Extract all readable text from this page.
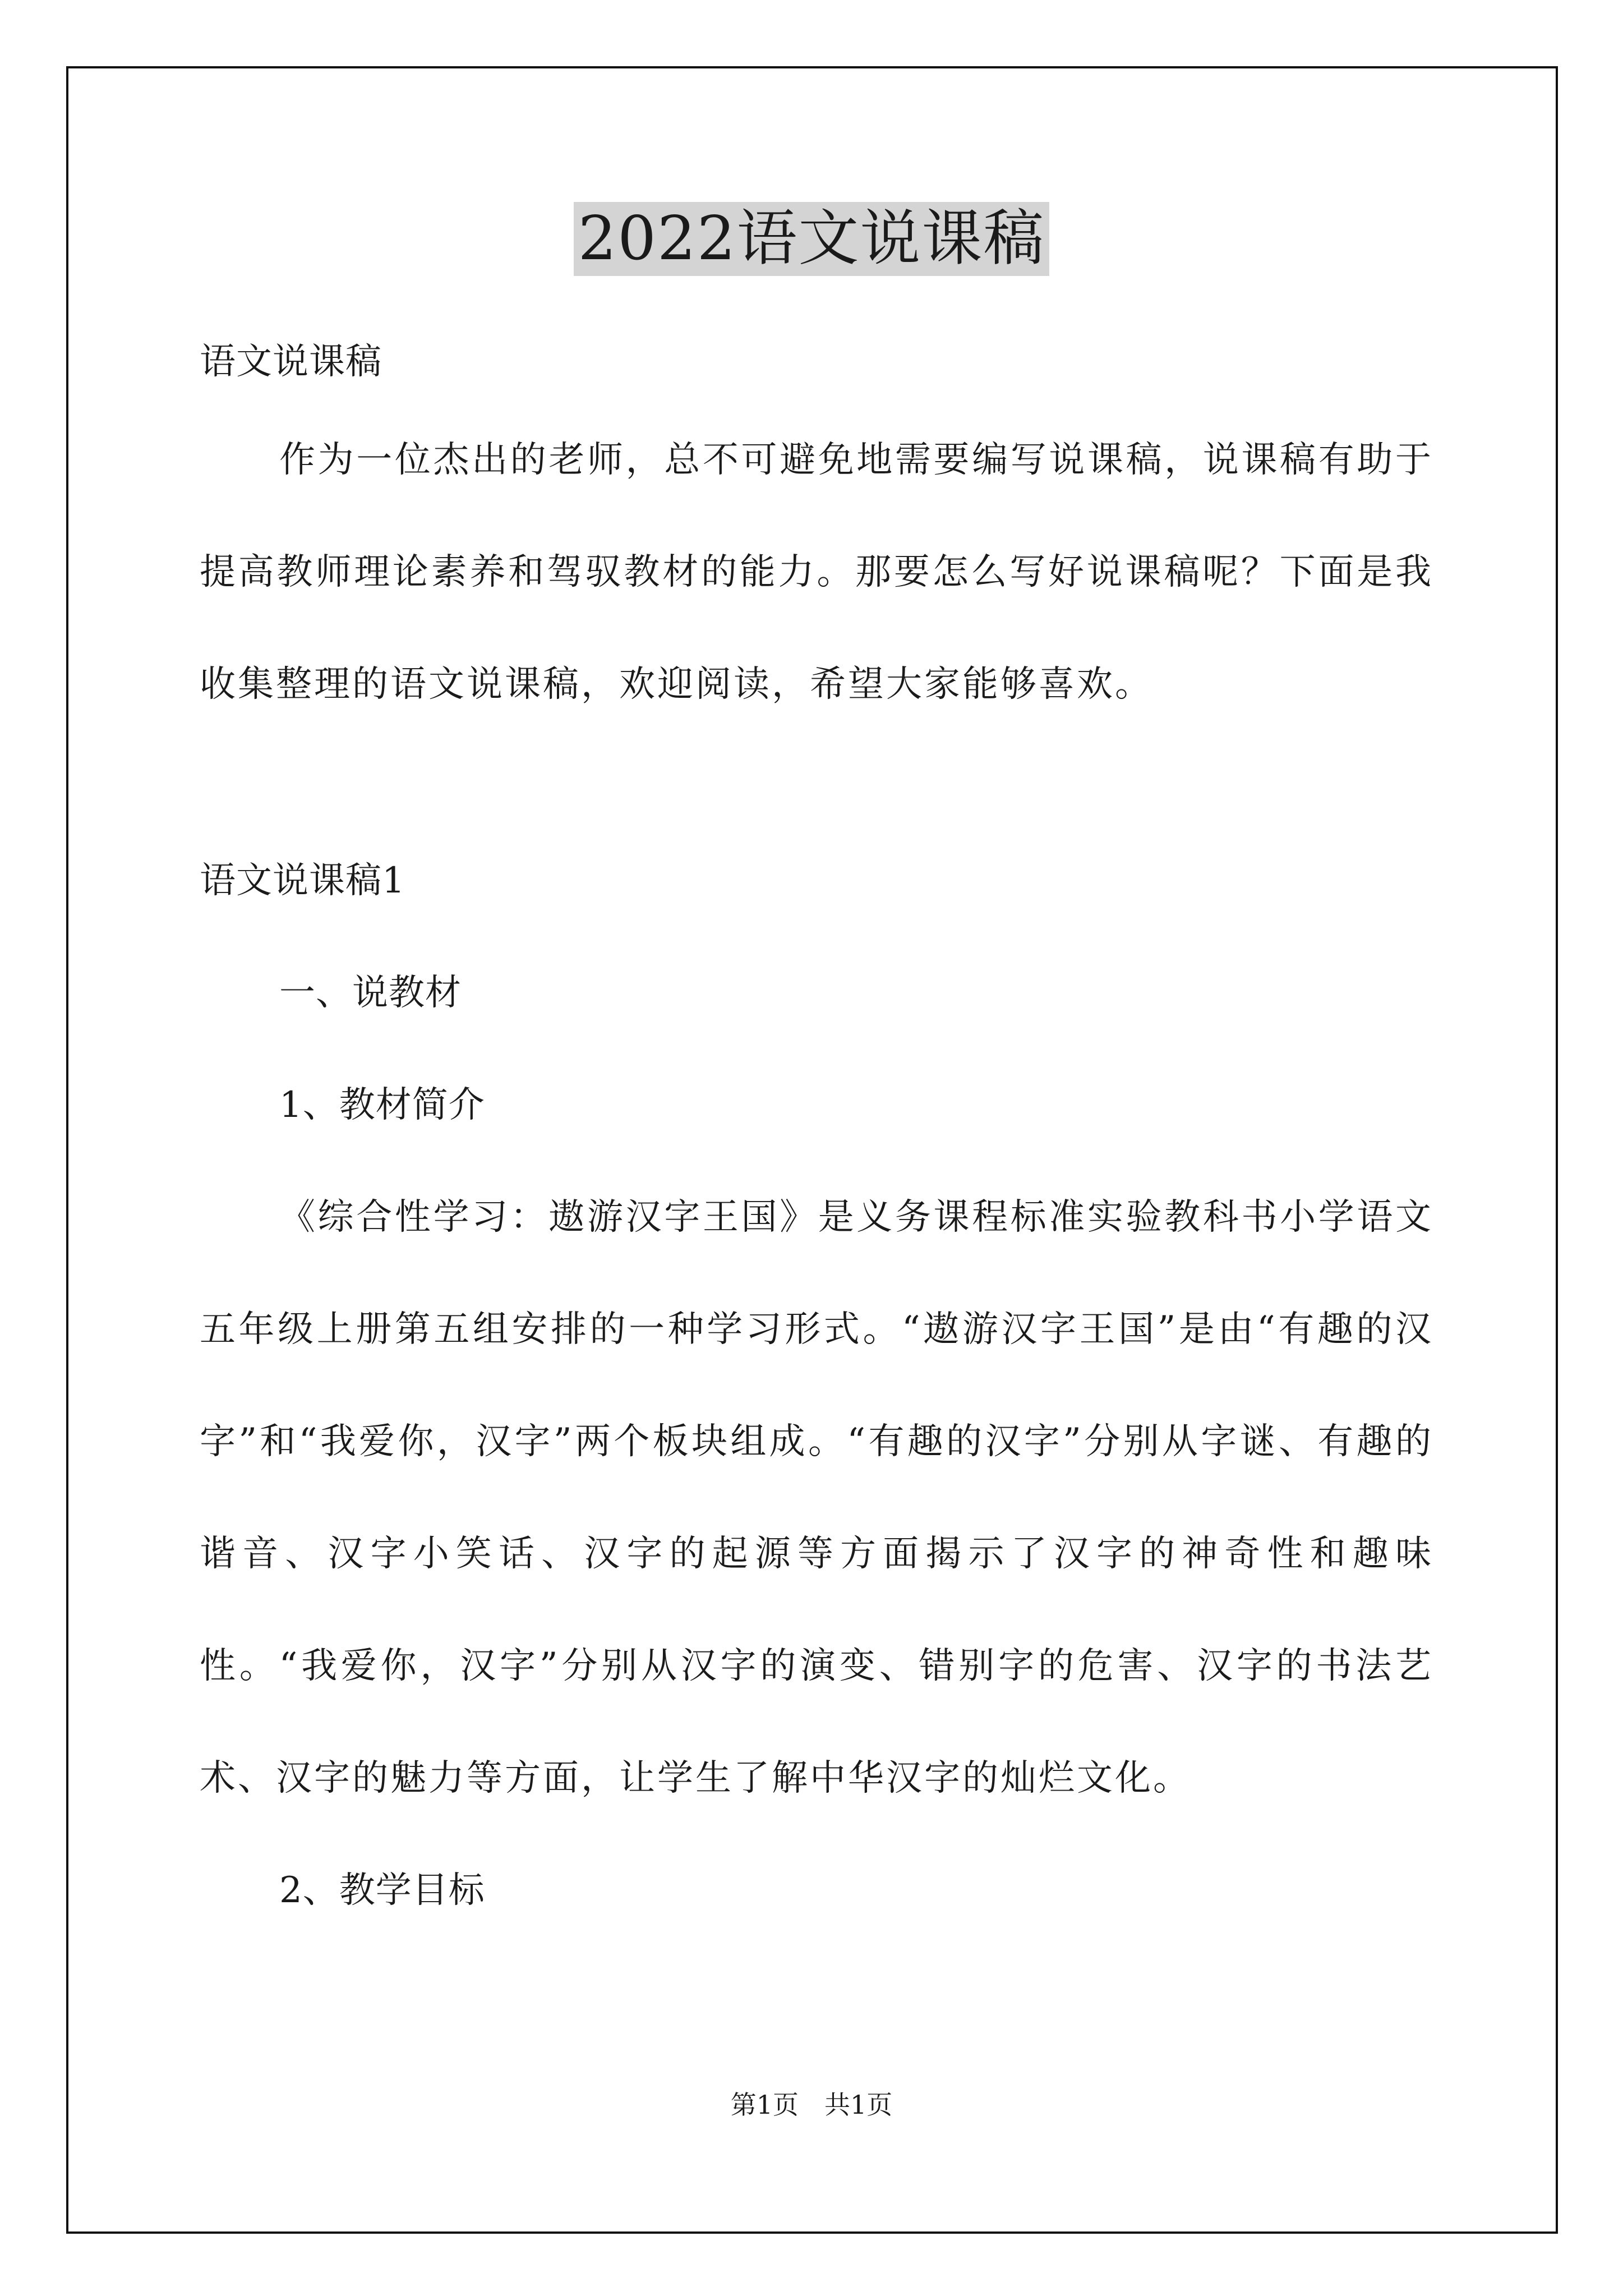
2022语文说课稿
语文说课稿
作为一位杰出的老师，总不可避免地需要编写说课稿，说课稿有助于提高教师理论素养和驾驭教材的能力。那要怎么写好说课稿呢？下面是我收集整理的语文说课稿，欢迎阅读，希望大家能够喜欢。
语文说课稿1
一、说教材
1、教材简介
《综合性学习：遨游汉字王国》是义务课程标准实验教科书小学语文五年级上册第五组安排的一种学习形式。“遨游汉字王国”是由“有趣的汉字”和“我爱你，汉字”两个板块组成。“有趣的汉字”分别从字谜、有趣的谐音、汉字小笑话、汉字的起源等方面揭示了汉字的神奇性和趣味性。“我爱你，汉字”分别从汉字的演变、错别字的危害、汉字的书法艺术、汉字的魅力等方面，让学生了解中华汉字的灿烂文化。
2、教学目标
第1页　共1页
